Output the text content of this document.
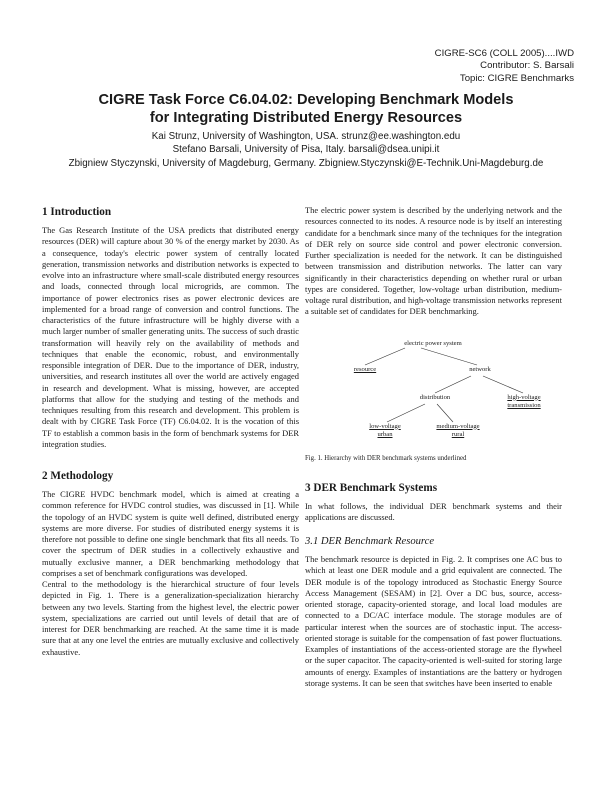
CIGRE-SC6 (COLL 2005)....IWD
Contributor: S. Barsali
Topic: CIGRE Benchmarks
CIGRE Task Force C6.04.02: Developing Benchmark Models
for Integrating Distributed Energy Resources
Kai Strunz, University of Washington, USA. strunz@ee.washington.edu
Stefano Barsali, University of Pisa, Italy. barsali@dsea.unipi.it
Zbigniew Styczynski, University of Magdeburg, Germany. Zbigniew.Styczynski@E-Technik.Uni-Magdeburg.de
1 Introduction

The Gas Research Institute of the USA predicts that distributed energy resources (DER) will capture about 30 % of the energy market by 2030. As a consequence, today's electric power system of centrally located generation, transmission networks and distribution networks is expected to evolve into an infrastructure where small-scale distributed energy resources and loads, connected through local microgrids, are common. The importance of power electronics rises as power electronic devices are implemented for a broad range of conversion and control functions. The characteristics of the future infrastructure will be highly diverse with a much larger number of smaller generating units. The success of such drastic transformation will heavily rely on the availability of methods and techniques that enable the economic, robust, and environmentally responsible integration of DER. Due to the importance of DER, industry, universities, and research institutes all over the world are actively engaged in research and development. What is missing, however, are accepted platforms that allow for the studying and testing of the methods and techniques resulting from this research and development. This problem is dealt with by CIGRE Task Force (TF) C6.04.02. It is the vocation of this TF to establish a common basis in the form of benchmark systems for DER integration studies.

2 Methodology

The CIGRE HVDC benchmark model, which is aimed at creating a common reference for HVDC control studies, was discussed in [1]. While the topology of an HVDC system is quite well defined, distributed energy systems are more diverse. For studies of distributed energy systems it is therefore not possible to define one single benchmark that fits all needs. To cover the spectrum of DER studies in a collectively exhaustive and mutually exclusive manner, a DER benchmarking methodology that comprises a set of benchmark configurations was developed.

Central to the methodology is the hierarchical structure of four levels depicted in Fig. 1. There is a generalization-specialization hierarchy between any two levels. Starting from the highest level, the electric power system, specializations are carried out until levels of detail that are of interest for DER benchmarking are reached. At the same time it is made sure that at any one level the entries are mutually exclusive and collectively exhaustive.

The electric power system is described by the underlying network and the resources connected to its nodes. A resource node is by itself an interesting candidate for a benchmark since many of the techniques for the integration of DER rely on source side control and power electronic conversion. Further specialization is needed for the network. It can be distinguished between transmission and distribution networks. The latter can vary significantly in their characteristics depending on whether rural or urban types are considered. Together, low-voltage urban distribution, medium-voltage rural distribution, and high-voltage transmission networks represent a suitable set of candidates for DER benchmarking.

electric power system
resource	network
distribution	high-voltage
transmission
low-voltage
urban
medium-voltage
rural
Fig. 1. Hierarchy with DER benchmark systems underlined
3 DER Benchmark Systems

In what follows, the individual DER benchmark systems and their applications are discussed.

3.1 DER Benchmark Resource

The benchmark resource is depicted in Fig. 2. It comprises one AC bus to which at least one DER module and a grid equivalent are connected. The DER module is of the topology introduced as Stochastic Energy Source Access Management (SESAM) in [2]. Over a DC bus, source, access-oriented storage, capacity-oriented storage, and local load modules are connected to a DC/AC interface module. The storage modules are of particular interest when the sources are of stochastic input. The access-oriented storage is suitable for the compensation of fast power fluctuations. Examples of instantiations of the access-oriented storage are the flywheel or the super capacitor. The capacity-oriented is well-suited for storing large amounts of energy. Examples of instantiations are the battery or hydrogen storage systems. It can be seen that switches have been inserted to enable
